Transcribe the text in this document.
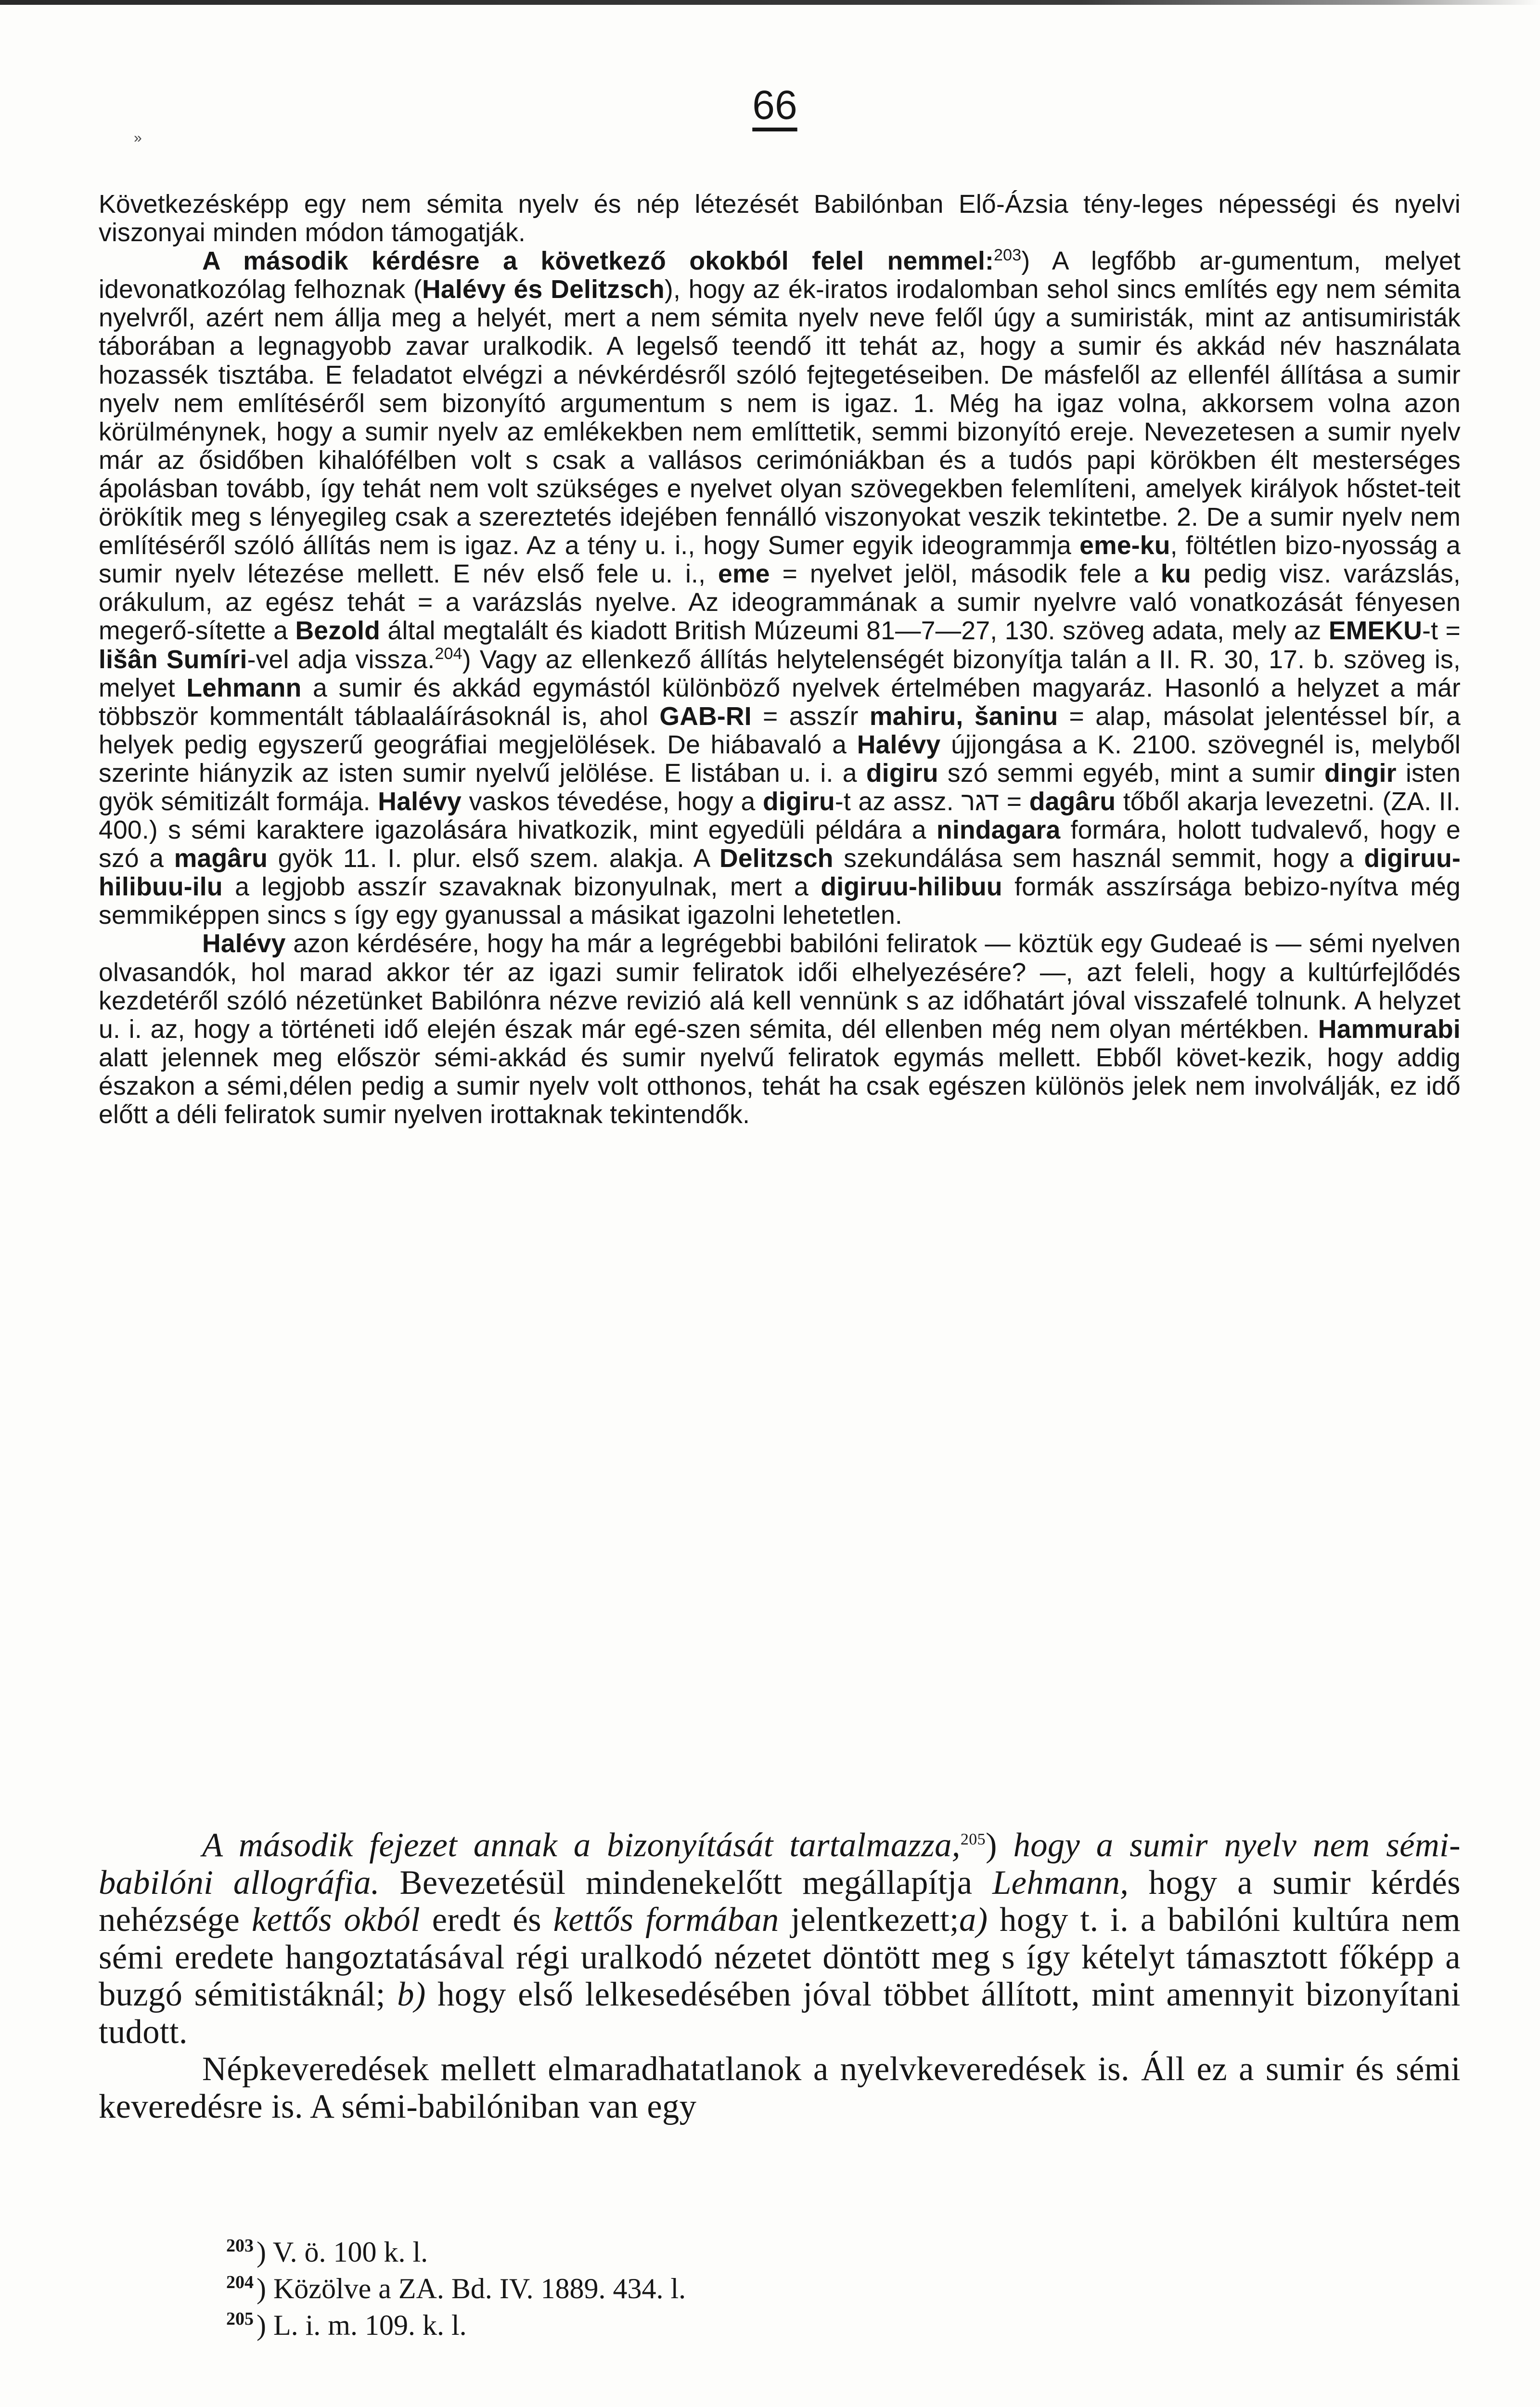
66
»

Következésképp egy nem sémita nyelv és nép létezését Babilónban Elő-Ázsia tény-leges népességi és nyelvi viszonyai minden módon támogatják.

A második kérdésre a következő okokból felel nemmel:$^{203}$) A legfőbb ar-gumentum, melyet idevonatkozólag felhoznak (Halévy és Delitzsch), hogy az ék-iratos irodalomban sehol sincs említés egy nem sémita nyelvről, azért nem állja meg a helyét, mert a nem sémita nyelv neve felől úgy a sumiristák, mint az antisumiristák táborában a legnagyobb zavar uralkodik. A legelső teendő itt tehát az, hogy a sumir és akkád név használata hozassék tisztába. E feladatot elvégzi a névkérdésről szóló fejtegetéseiben. De másfelől az ellenfél állítása a sumir nyelv nem említéséről sem bizonyító argumentum s nem is igaz. 1. Még ha igaz volna, akkorsem volna azon körülménynek, hogy a sumir nyelv az emlékekben nem említtetik, semmi bizonyító ereje. Nevezetesen a sumir nyelv már az ősidőben kihalófélben volt s csak a vallásos cerimóniákban és a tudós papi körökben élt mesterséges ápolásban tovább, így tehát nem volt szükséges e nyelvet olyan szövegekben felemlíteni, amelyek királyok hőstet-teit örökítik meg s lényegileg csak a szereztetés idejében fennálló viszonyokat veszik tekintetbe. 2. De a sumir nyelv nem említéséről szóló állítás nem is igaz. Az a tény u. i., hogy Sumer egyik ideogrammja eme-ku, föltétlen bizo-nyosság a sumir nyelv létezése mellett. E név első fele u. i., eme = nyelvet jelöl, második fele a ku pedig visz. varázslás, orákulum, az egész tehát = a varázslás nyelve. Az ideogrammának a sumir nyelvre való vonatkozását fényesen megerő-sítette a Bezold által megtalált és kiadott British Múzeumi 81—7—27, 130. szöveg adata, mely az EMEKU-t = lišân Sumíri-vel adja vissza.$^{204}$) Vagy az ellenkező állítás helytelenségét bizonyítja talán a II. R. 30, 17. b. szöveg is, melyet Lehmann a sumir és akkád egymástól különböző nyelvek értelmében magyaráz. Hasonló a helyzet a már többször kommentált táblaaláírásoknál is, ahol GAB-RI = asszír mahiru, šaninu = alap, másolat jelentéssel bír, a helyek pedig egyszerű geográfiai megjelölések. De hiábavaló a Halévy újjongása a K. 2100. szövegnél is, melyből szerinte hiányzik az isten sumir nyelvű jelölése. E listában u. i. a digiru szó semmi egyéb, mint a sumir dingir isten gyök sémitizált formája. Halévy vaskos tévedése, hogy a digiru-t az assz. דגר = dagâru tőből akarja levezetni. (ZA. II. 400.) s sémi karaktere igazolására hivatkozik, mint egyedüli példára a nindagara formára, holott tudvalevő, hogy e szó a magâru gyök 11. I. plur. első szem. alakja. A Delitzsch szekundálása sem használ semmit, hogy a digiruu-hilibuu-ilu a legjobb asszír szavaknak bizonyulnak, mert a digiruu-hilibuu formák asszírsága bebizo-nyítva még semmiképpen sincs s így egy gyanussal a másikat igazolni lehetetlen.

Halévy azon kérdésére, hogy ha már a legrégebbi babilóni feliratok — köztük egy Gudeaé is — sémi nyelven olvasandók, hol marad akkor tér az igazi sumir feliratok idői elhelyezésére? —, azt feleli, hogy a kultúrfejlődés kezdetéről szóló nézetünket Babilónra nézve revizió alá kell vennünk s az időhatárt jóval visszafelé tolnunk. A helyzet u. i. az, hogy a történeti idő elején észak már egé-szen sémita, dél ellenben még nem olyan mértékben. Hammurabi alatt jelennek meg először sémi-akkád és sumir nyelvű feliratok egymás mellett. Ebből követ-kezik, hogy addig északon a sémi,délen pedig a sumir nyelv volt otthonos, tehát ha csak egészen különös jelek nem involválják, ez idő előtt a déli feliratok sumir nyelven irottaknak tekintendők.

A második fejezet annak a bizonyítását tartalmazza,$^{205}$) hogy a sumir nyelv nem sémi-babilóni allográfia. Bevezetésül mindenekelőtt megállapítja Lehmann, hogy a sumir kérdés nehézsége kettős okból eredt és kettős formában jelentkezett;a) hogy t. i. a babilóni kultúra nem sémi eredete hangoztatásával régi uralkodó nézetet döntött meg s így kételyt támasztott főképp a buzgó sémitistáknál; b) hogy első lelkesedésében jóval többet állított, mint amennyit bizonyítani tudott.

Népkeveredések mellett elmaradhatatlanok a nyelvkeveredések is. Áll ez a sumir és sémi keveredésre is. A sémi-babilóniban van egy

$^{203}$ ) V. ö. 100 k. l.

$^{204}$ ) Közölve a ZA. Bd. IV. 1889. 434. l.

$^{205}$ ) L. i. m. 109. k. l.
